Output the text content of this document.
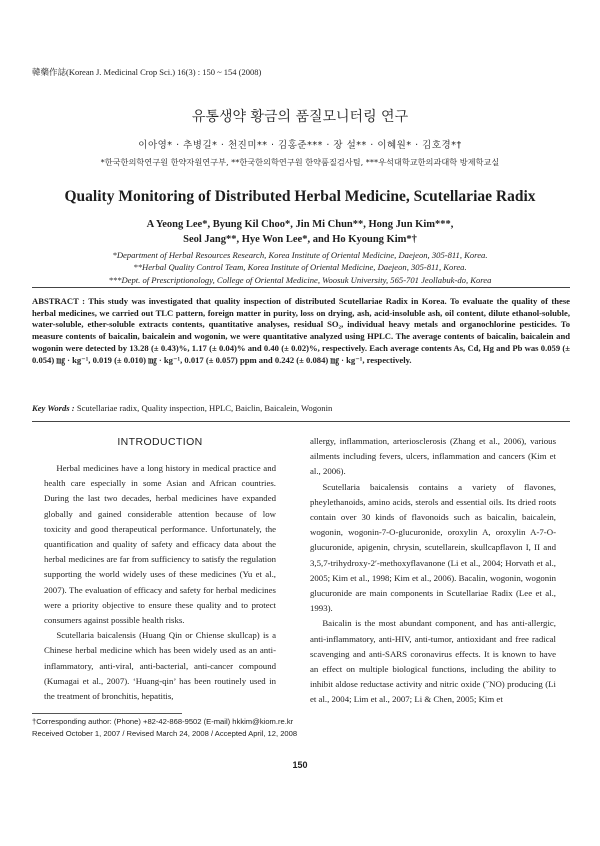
韓藥作誌(Korean J. Medicinal Crop Sci.) 16(3) : 150 ~ 154 (2008)
유통생약 황금의 품질모니터링 연구
이아영* · 추병길* · 천진미** · 김홍준*** · 장 설** · 이혜원* · 김호경*†
*한국한의학연구원 한약자원연구부, **한국한의학연구원 한약품질검사팀, ***우석대학교한의과대학 방제학교실
Quality Monitoring of Distributed Herbal Medicine, Scutellariae Radix
A Yeong Lee*, Byung Kil Choo*, Jin Mi Chun**, Hong Jun Kim***,
Seol Jang**, Hye Won Lee*, and Ho Kyoung Kim*†
*Department of Herbal Resources Research, Korea Institute of Oriental Medicine, Daejeon, 305-811, Korea.
**Herbal Quality Control Team, Korea Institute of Oriental Medicine, Daejeon, 305-811, Korea.
***Dept. of Prescriptionology, College of Oriental Medicine, Woosuk University, 565-701 Jeollabuk-do, Korea
ABSTRACT : This study was investigated that quality inspection of distributed Scutellariae Radix in Korea. To evaluate the quality of these herbal medicines, we carried out TLC pattern, foreign matter in purity, loss on drying, ash, acid-insoluble ash, oil content, dilute ethanol-soluble, water-soluble, ether-soluble extracts contents, quantitative analyses, residual SO₂, individual heavy metals and organochlorine pesticides. To measure contents of baicalin, baicalein and wogonin, we were quantitative analyzed using HPLC. The average contents of baicalin, baicalein and wogonin were detected by 13.28 (± 0.43)%, 1.17 (± 0.04)% and 0.40 (± 0.02)%, respectively. Each average contents As, Cd, Hg and Pb was 0.059 (± 0.054) ㎎ · kg⁻¹, 0.019 (± 0.010) ㎎ · kg⁻¹, 0.017 (± 0.057) ppm and 0.242 (± 0.084) ㎎ · kg⁻¹, respectively.
Key Words : Scutellariae radix, Quality inspection, HPLC, Baiclin, Baicalein, Wogonin
INTRODUCTION

Herbal medicines have a long history in medical practice and health care especially in some Asian and African countries. During the last two decades, herbal medicines have expanded globally and gained considerable attention because of low toxicity and good therapeutical performance. Unfortunately, the quantification and quality of safety and efficacy data about the herbal medicines are far from sufficiency to satisfy the regulation supporting the world widely uses of these medicines (Yu et al., 2007). The evaluation of efficacy and safety for herbal medicines were a priority objective to ensure these quality and to protect consumers against possible health risks.

Scutellaria baicalensis (Huang Qin or Chiense skullcap) is a Chinese herbal medicine which has been widely used as an anti-inflammatory, anti-viral, anti-bacterial, anti-cancer compound (Kumagai et al., 2007). ‘Huang-qin’ has been routinely used in the treatment of bronchitis, hepatitis,

allergy, inflammation, arteriosclerosis (Zhang et al., 2006), various ailments including fevers, ulcers, inflammation and cancers (Kim et al., 2006).

Scutellaria baicalensis contains a variety of flavones, pheylethanoids, amino acids, sterols and essential oils. Its dried roots contain over 30 kinds of flavonoids such as baicalin, baicalein, wogonin, wogonin-7-O-glucuronide, oroxylin A, oroxylin A-7-O-glucuronide, apigenin, chrysin, scutellarein, skullcapflavon I, II and 3,5,7-trihydroxy-2′-methoxyflavanone (Li et al., 2004; Horvath et al., 2005; Kim et al., 1998; Kim et al., 2006). Bacalin, wogonin, wogonin glucuronide are main components in Scutellariae Radix (Lee et al., 1993).

Baicalin is the most abundant component, and has anti-allergic, anti-inflammatory, anti-HIV, anti-tumor, antioxidant and free radical scavenging and anti-SARS coronavirus effects. It is known to have an effect on multiple biological functions, including the ability to inhibit aldose reductase activity and nitric oxide (ˇNO) producing (Li et al., 2004; Lim et al., 2007; Li & Chen, 2005; Kim et

†Corresponding author: (Phone) +82-42-868-9502 (E-mail) hkkim@kiom.re.kr
Received October 1, 2007 / Revised March 24, 2008 / Accepted April, 12, 2008
150
